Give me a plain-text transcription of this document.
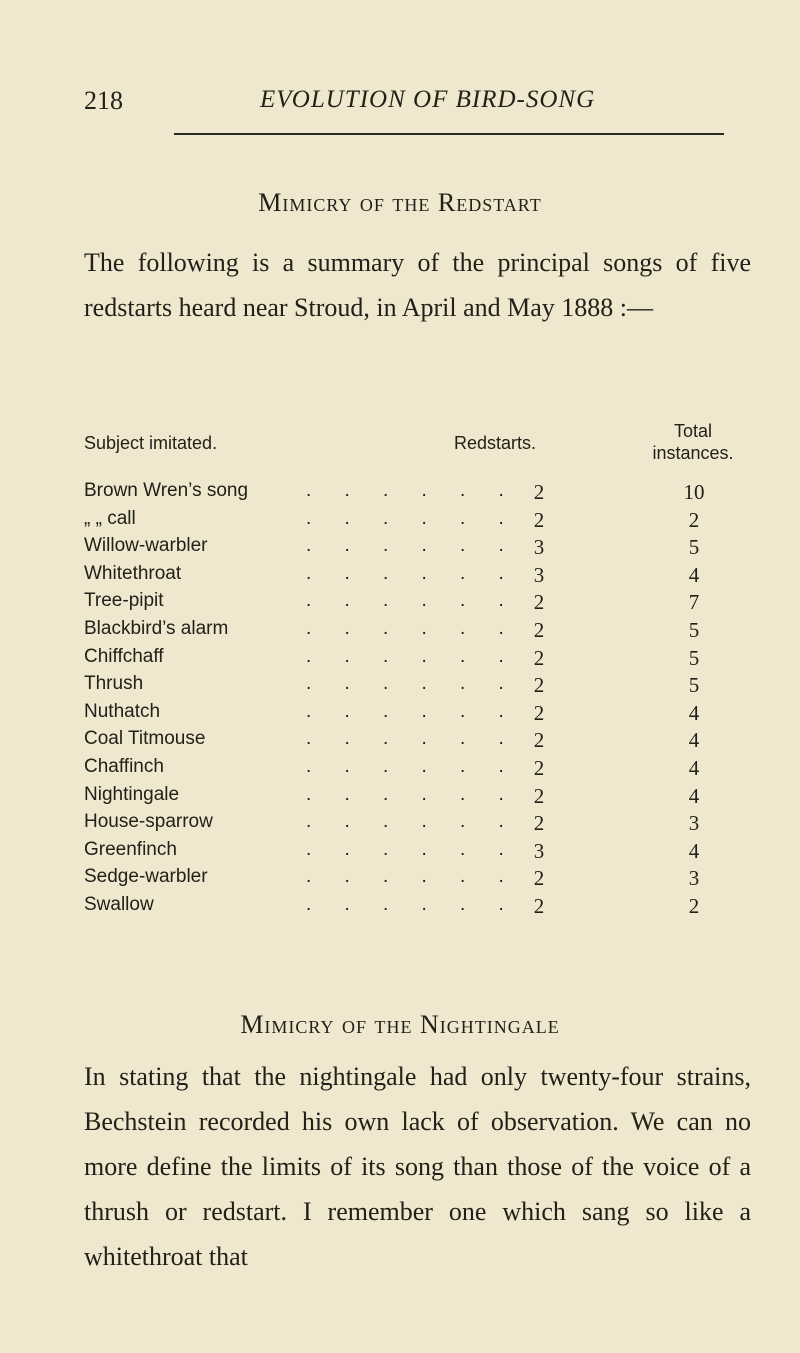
218	EVOLUTION OF BIRD-SONG
Mimicry of the Redstart
The following is a summary of the principal songs of five redstarts heard near Stroud, in April and May 1888 :—
Subject imitated.	Redstarts.
Total instances.
Brown Wren’s song	. . . . . .	2	10
„ „ call	. . . . . .	2	2
Willow-warbler	. . . . . .	3	5
Whitethroat	. . . . . .	3	4
Tree-pipit	. . . . . .	2	7
Blackbird’s alarm	. . . . . .	2	5
Chiffchaff	. . . . . .	2	5
Thrush	. . . . . .	2	5
Nuthatch	. . . . . .	2	4
Coal Titmouse	. . . . . .	2	4
Chaffinch	. . . . . .	2	4
Nightingale	. . . . . .	2	4
House-sparrow	. . . . . .	2	3
Greenfinch	. . . . . .	3	4
Sedge-warbler	. . . . . .	2	3
Swallow	. . . . . .	2	2
Mimicry of the Nightingale
In stating that the nightingale had only twenty-four strains, Bechstein recorded his own lack of observation. We can no more define the limits of its song than those of the voice of a thrush or redstart. I remember one which sang so like a whitethroat that
